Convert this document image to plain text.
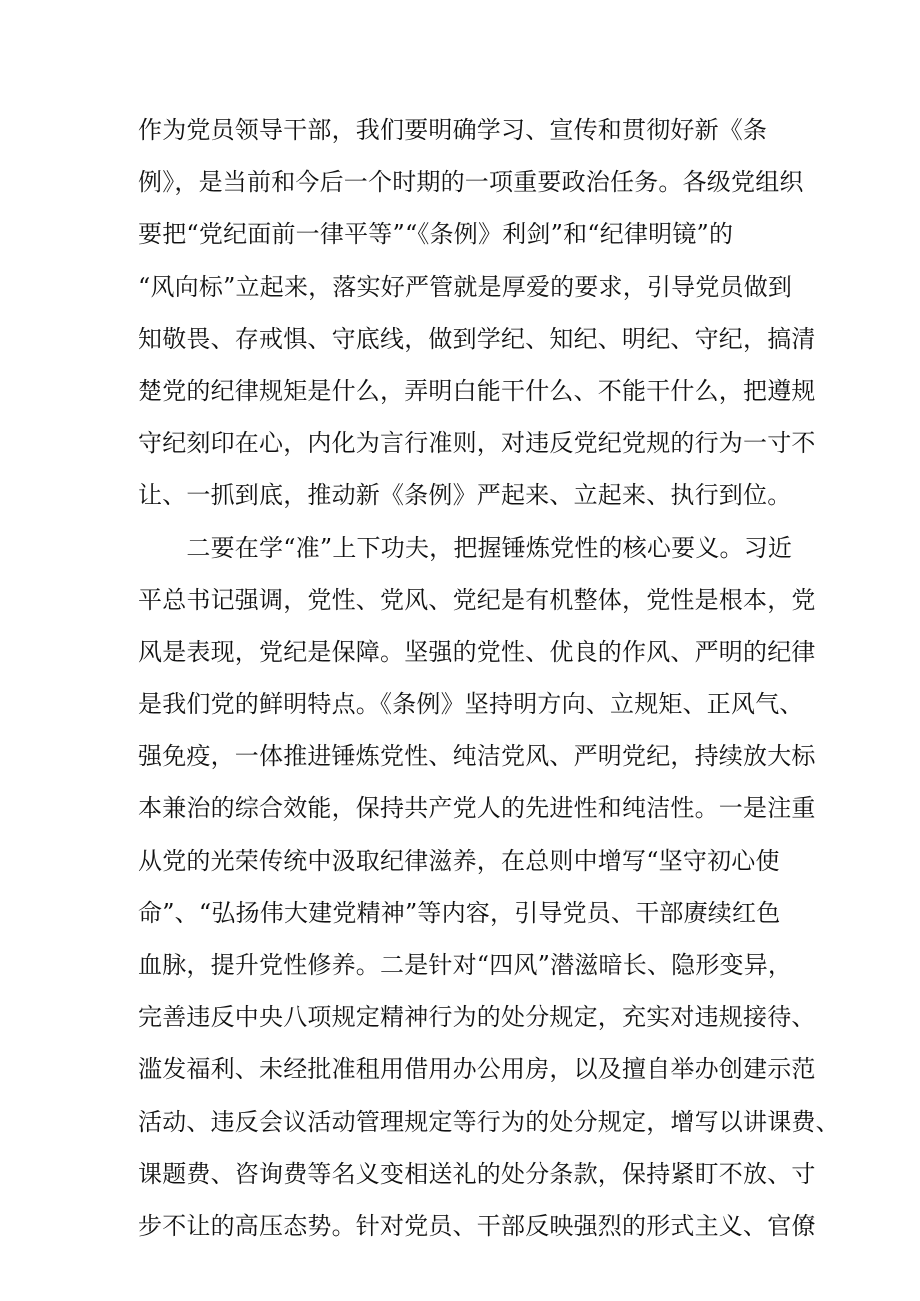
作为党员领导干部，我们要明确学习、宣传和贯彻好新《条
例》，是当前和今后一个时期的一项重要政治任务。各级党组织
要把“党纪面前一律平等”“《条例》利剑”和“纪律明镜”的
“风向标”立起来，落实好严管就是厚爱的要求，引导党员做到
知敬畏、存戒惧、守底线，做到学纪、知纪、明纪、守纪，搞清
楚党的纪律规矩是什么，弄明白能干什么、不能干什么，把遵规
守纪刻印在心，内化为言行准则，对违反党纪党规的行为一寸不
让、一抓到底，推动新《条例》严起来、立起来、执行到位。
　　二要在学“准”上下功夫，把握锤炼党性的核心要义。习近
平总书记强调，党性、党风、党纪是有机整体，党性是根本，党
风是表现，党纪是保障。坚强的党性、优良的作风、严明的纪律
是我们党的鲜明特点。《条例》坚持明方向、立规矩、正风气、
强免疫，一体推进锤炼党性、纯洁党风、严明党纪，持续放大标
本兼治的综合效能，保持共产党人的先进性和纯洁性。一是注重
从党的光荣传统中汲取纪律滋养，在总则中增写“坚守初心使
命”、“弘扬伟大建党精神”等内容，引导党员、干部赓续红色
血脉，提升党性修养。二是针对“四风”潜滋暗长、隐形变异，
完善违反中央八项规定精神行为的处分规定，充实对违规接待、
滥发福利、未经批准租用借用办公用房，以及擅自举办创建示范
活动、违反会议活动管理规定等行为的处分规定，增写以讲课费、
课题费、咨询费等名义变相送礼的处分条款，保持紧盯不放、寸
步不让的高压态势。针对党员、干部反映强烈的形式主义、官僚
